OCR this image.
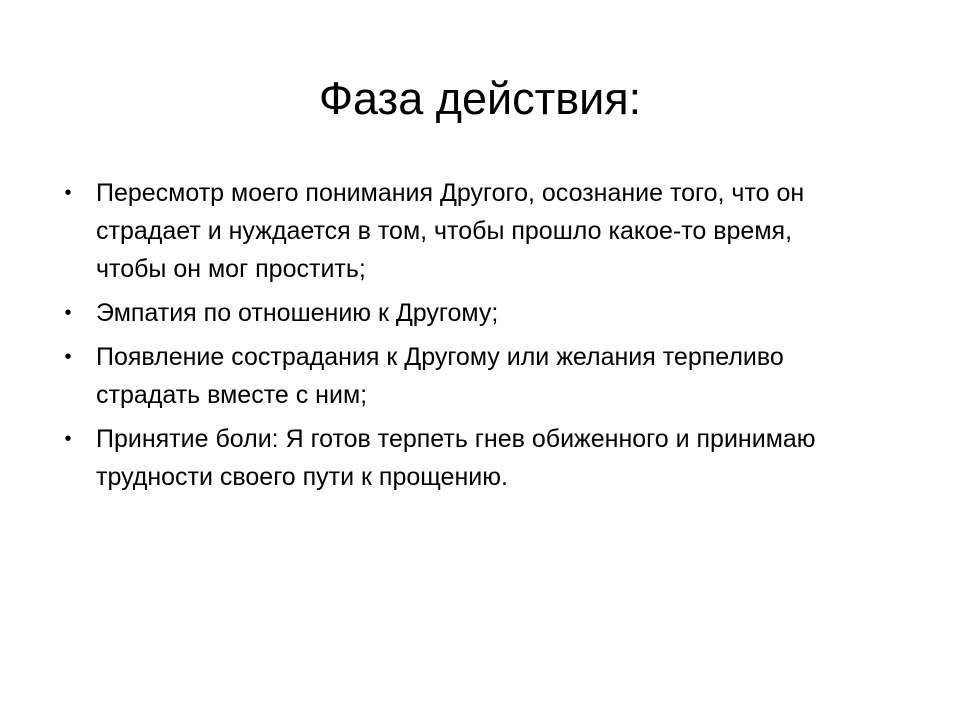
Фаза действия:
• Пересмотр моего понимания Другого, осознание того, что он страдает и нуждается в том, чтобы прошло какое-то время, чтобы он мог простить;
• Эмпатия по отношению к Другому;
• Появление сострадания к Другому или желания терпеливо страдать вместе с ним;
• Принятие боли: Я готов терпеть гнев обиженного и принимаю трудности своего пути к прощению.
